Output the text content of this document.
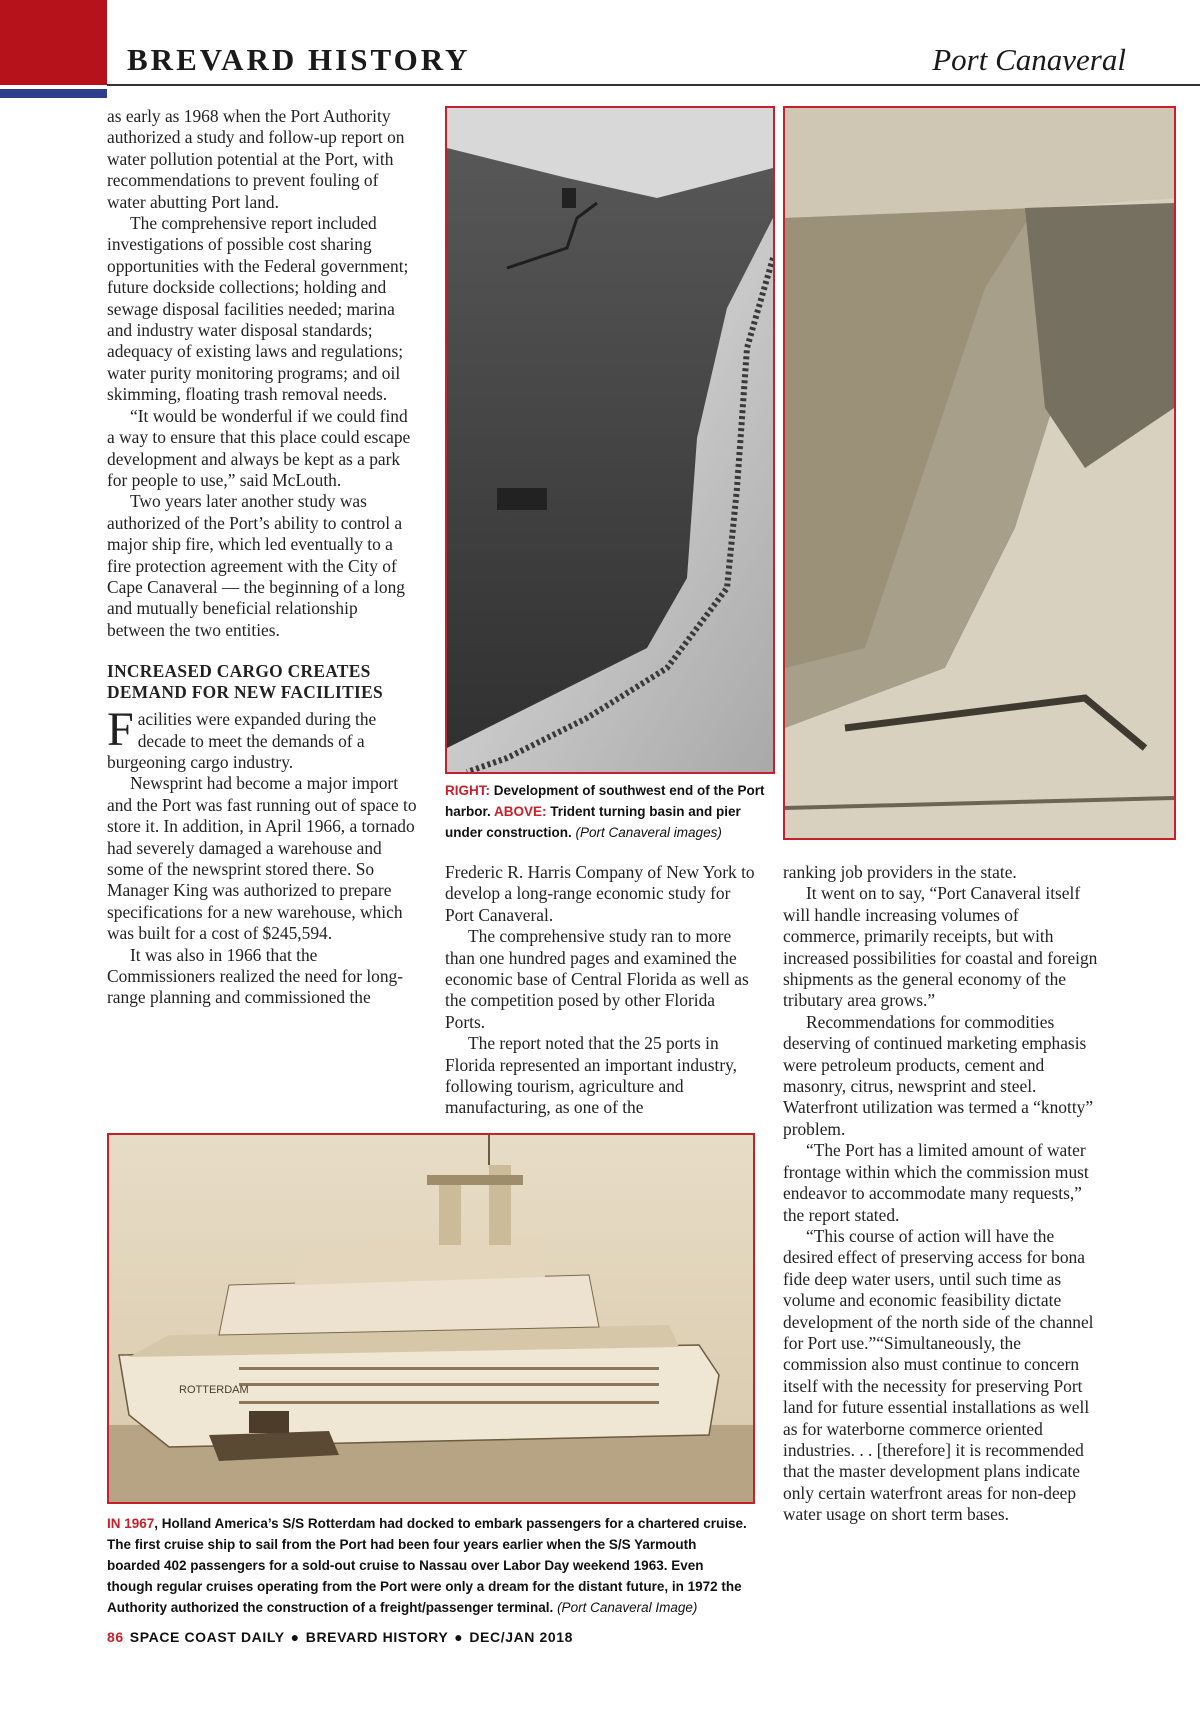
BREVARD HISTORY	Port Canaveral

as early as 1968 when the Port Authority authorized a study and follow-up report on water pollution potential at the Port, with recommendations to prevent fouling of water abutting Port land.

The comprehensive report included investigations of possible cost sharing opportunities with the Federal government; future dockside collections; holding and sewage disposal facilities needed; marina and industry water disposal standards; adequacy of existing laws and regulations; water purity monitoring programs; and oil skimming, floating trash removal needs.

“It would be wonderful if we could find a way to ensure that this place could escape development and always be kept as a park for people to use,” said McLouth.

Two years later another study was authorized of the Port’s ability to control a major ship fire, which led eventually to a fire protection agreement with the City of Cape Canaveral — the beginning of a long and mutually beneficial relationship between the two entities.

INCREASED CARGO CREATES DEMAND FOR NEW FACILITIES

Facilities were expanded during the decade to meet the demands of a burgeoning cargo industry.

Newsprint had become a major import and the Port was fast running out of space to store it. In addition, in April 1966, a tornado had severely damaged a warehouse and some of the newsprint stored there. So Manager King was authorized to prepare specifications for a new warehouse, which was built for a cost of $245,594.

It was also in 1966 that the Commissioners realized the need for long-range planning and commissioned the

RIGHT: Development of southwest end of the Port harbor. ABOVE: Trident turning basin and pier under construction. (Port Canaveral images)

Frederic R. Harris Company of New York to develop a long-range economic study for Port Canaveral.

The comprehensive study ran to more than one hundred pages and examined the economic base of Central Florida as well as the competition posed by other Florida Ports.

The report noted that the 25 ports in Florida represented an important industry, following tourism, agriculture and manufacturing, as one of the

ranking job providers in the state.

It went on to say, “Port Canaveral itself will handle increasing volumes of commerce, primarily receipts, but with increased possibilities for coastal and foreign shipments as the general economy of the tributary area grows.”

Recommendations for commodities deserving of continued marketing emphasis were petroleum products, cement and masonry, citrus, newsprint and steel. Waterfront utilization was termed a “knotty” problem.

“The Port has a limited amount of water frontage within which the commission must endeavor to accommodate many requests,” the report stated.

“This course of action will have the desired effect of preserving access for bona fide deep water users, until such time as volume and economic feasibility dictate development of the north side of the channel for Port use.”“Simultaneously, the commission also must continue to concern itself with the necessity for preserving Port land for future essential installations as well as for waterborne commerce oriented industries. . . [therefore] it is recommended that the master development plans indicate only certain waterfront areas for non-deep water usage on short term bases.

ROTTERDAM
IN 1967, Holland America’s S/S Rotterdam had docked to embark passengers for a chartered cruise. The first cruise ship to sail from the Port had been four years earlier when the S/S Yarmouth boarded 402 passengers for a sold-out cruise to Nassau over Labor Day weekend 1963. Even though regular cruises operating from the Port were only a dream for the distant future, in 1972 the Authority authorized the construction of a freight/passenger terminal. (Port Canaveral Image)
86 SPACE COAST DAILY ● BREVARD HISTORY ● DEC/JAN 2018
